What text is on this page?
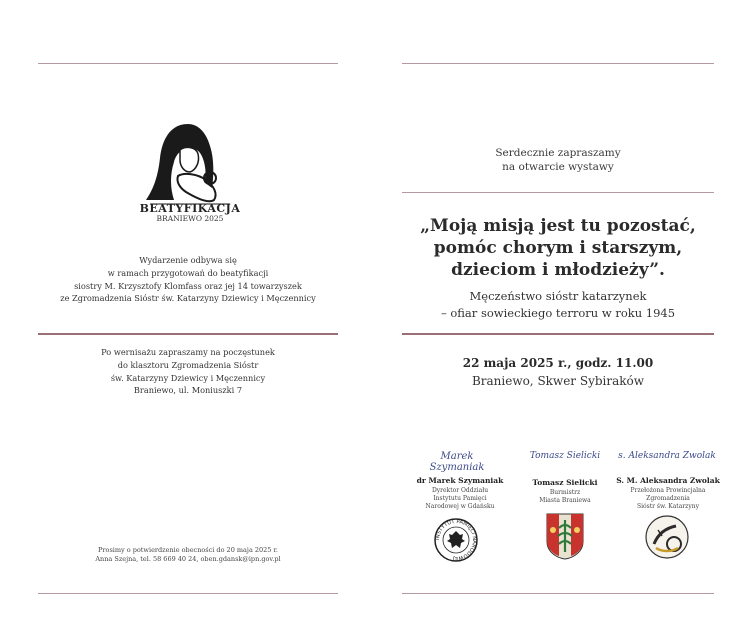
BEATYFIKACJA
BRANIEWO 2025
Wydarzenie odbywa się
w ramach przygotowań do beatyfikacji
siostry M. Krzysztofy Klomfass oraz jej 14 towarzyszek
ze Zgromadzenia Sióstr św. Katarzyny Dziewicy i Męczennicy
Po wernisażu zapraszamy na poczęstunek
do klasztoru Zgromadzenia Sióstr
św. Katarzyny Dziewicy i Męczennicy
Braniewo, ul. Moniuszki 7
Prosimy o potwierdzenie obecności do 20 maja 2025 r.
Anna Szejna, tel. 58 669 40 24, oben.gdansk@ipn.gov.pl
Serdecznie zapraszamy
na otwarcie wystawy
„Moją misją jest tu pozostać,
pomóc chorym i starszym,
dzieciom i młodzieży”.
Męczeństwo sióstr katarzynek
– ofiar sowieckiego terroru w roku 1945
22 maja 2025 r., godz. 11.00
Braniewo, Skwer Sybiraków
Marek Szymaniak
dr Marek Szymaniak
Dyrektor Oddziału
Instytutu Pamięci
Narodowej w Gdańsku
INSTYTUT PAMIĘCI NARODOWEJ
Tomasz Sielicki
Tomasz Sielicki
Burmistrz
Miasta Braniewa
s. Aleksandra Zwolak
S. M. Aleksandra Zwolak
Przełożona Prowincjalna
Zgromadzenia
Sióstr św. Katarzyny
